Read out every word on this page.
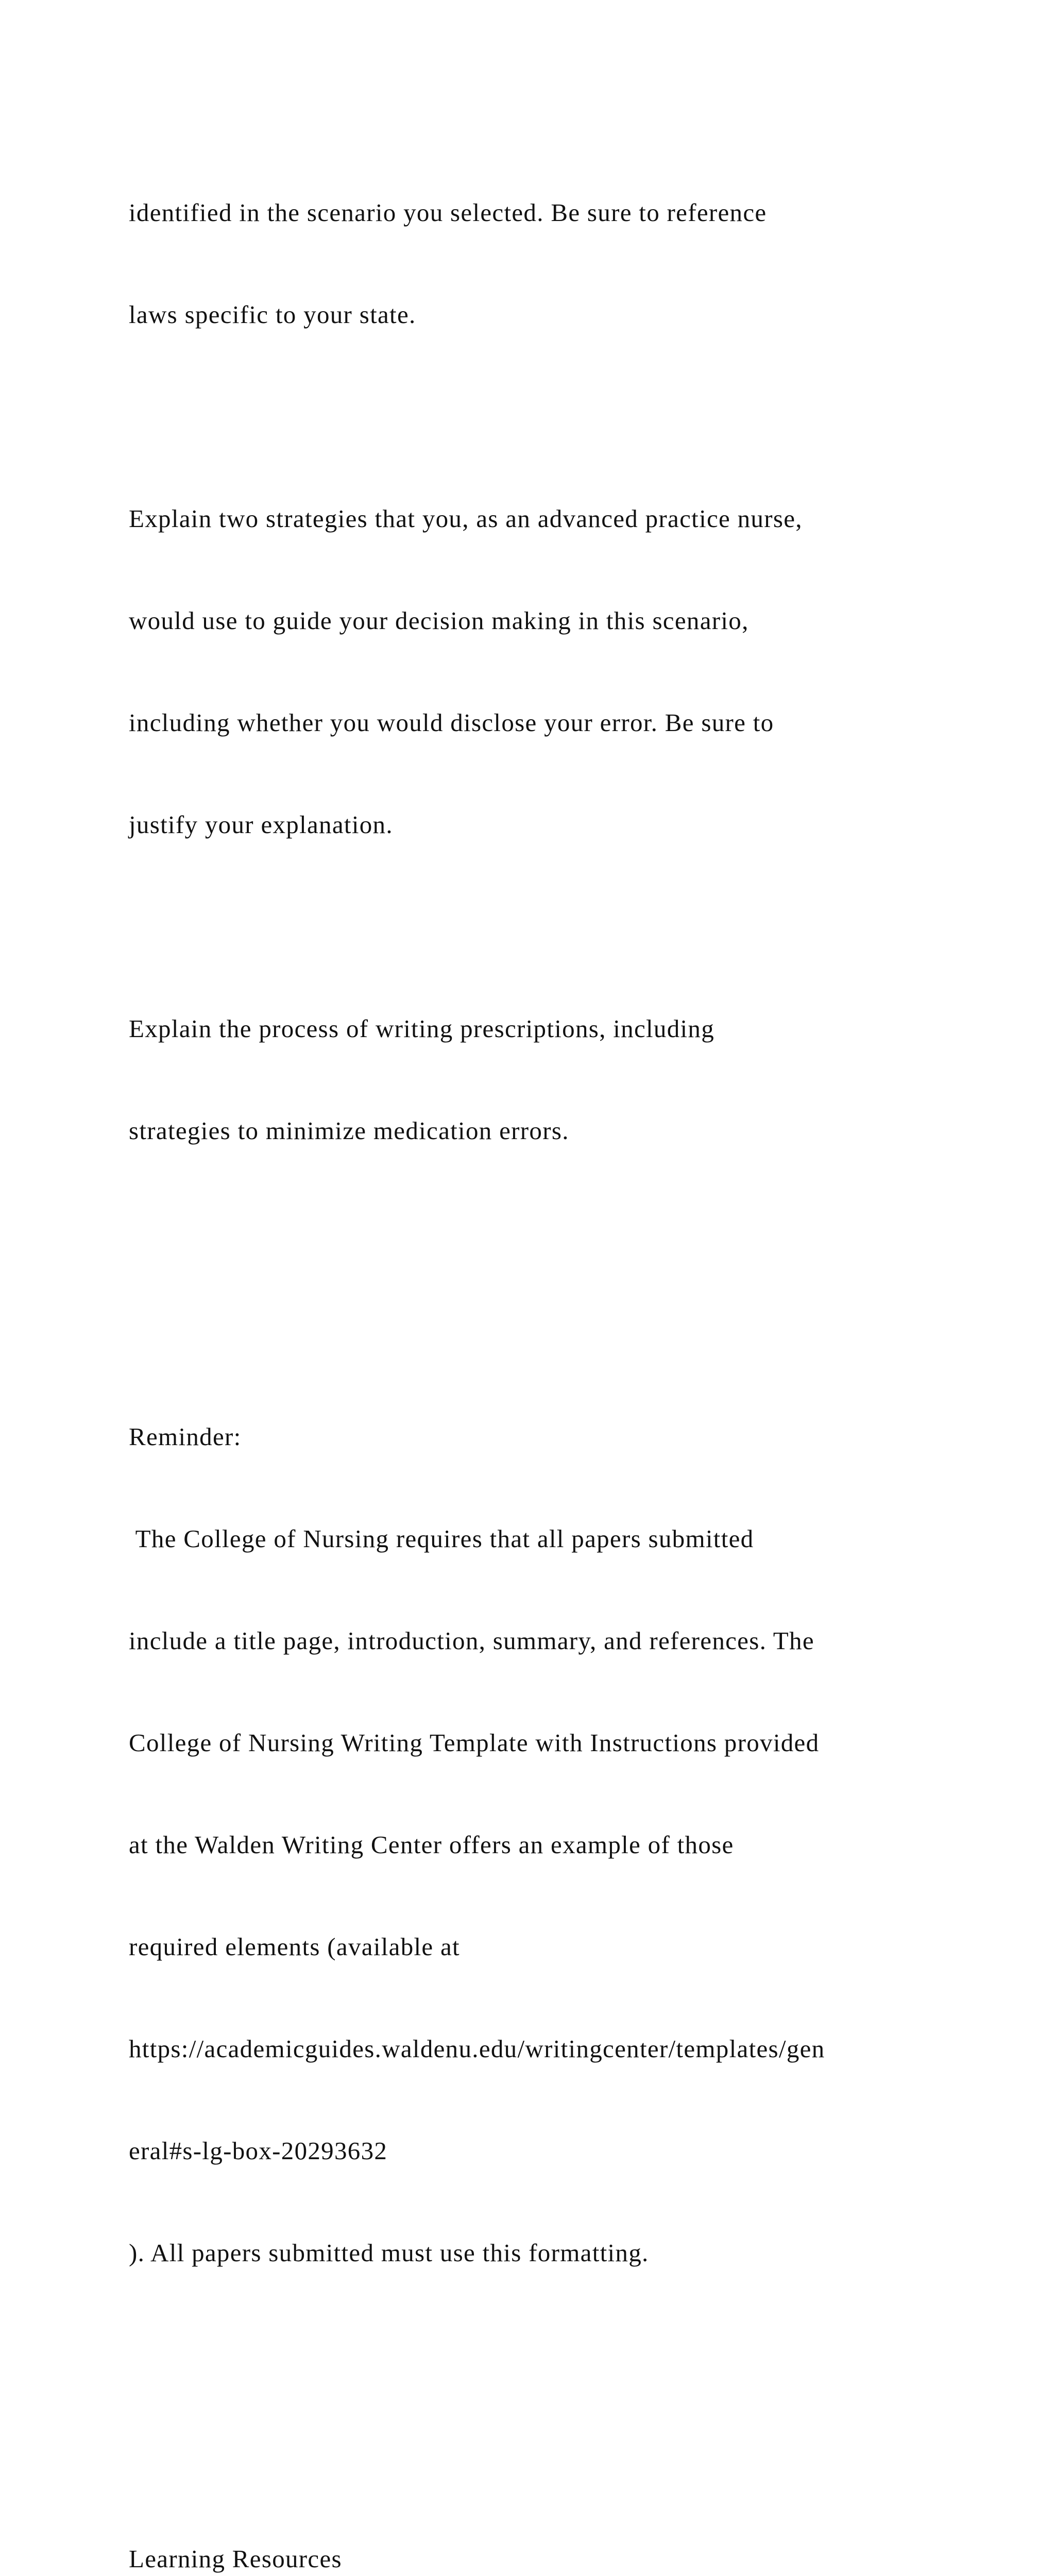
identified in the scenario you selected. Be sure to reference

laws specific to your state.

Explain two strategies that you, as an advanced practice nurse,

would use to guide your decision making in this scenario,

including whether you would disclose your error. Be sure to

justify your explanation.

Explain the process of writing prescriptions, including

strategies to minimize medication errors.

Reminder:

The College of Nursing requires that all papers submitted

include a title page, introduction, summary, and references. The

College of Nursing Writing Template with Instructions provided

at the Walden Writing Center offers an example of those

required elements (available at

https://academicguides.waldenu.edu/writingcenter/templates/gen

eral#s-lg-box-20293632

). All papers submitted must use this formatting.

Learning Resources
